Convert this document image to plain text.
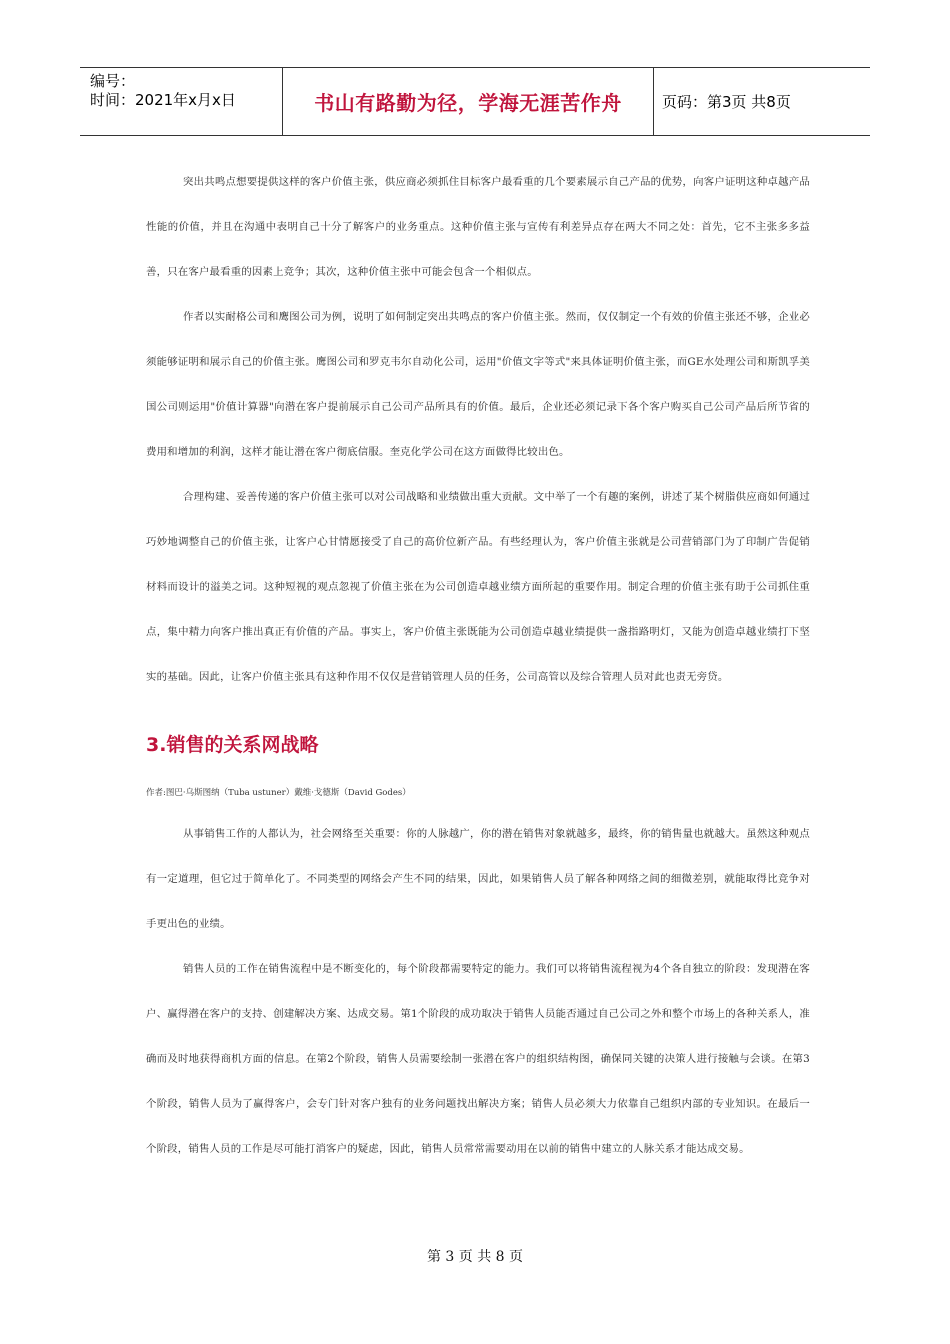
编号：
时间：2021年x月x日	书山有路勤为径，学海无涯苦作舟	页码：第3页 共8页

突出共鸣点想要提供这样的客户价值主张，供应商必须抓住目标客户最看重的几个要素展示自己产品的优势，向客户证明这种卓越产品性能的价值，并且在沟通中表明自己十分了解客户的业务重点。这种价值主张与宣传有利差异点存在两大不同之处：首先，它不主张多多益善，只在客户最看重的因素上竞争；其次，这种价值主张中可能会包含一个相似点。

作者以实耐格公司和鹰图公司为例，说明了如何制定突出共鸣点的客户价值主张。然而，仅仅制定一个有效的价值主张还不够，企业必须能够证明和展示自己的价值主张。鹰图公司和罗克韦尔自动化公司，运用"价值文字等式"来具体证明价值主张，而GE水处理公司和斯凯孚美国公司则运用"价值计算器"向潜在客户提前展示自己公司产品所具有的价值。最后，企业还必须记录下各个客户购买自己公司产品后所节省的费用和增加的利润，这样才能让潜在客户彻底信服。奎克化学公司在这方面做得比较出色。

合理构建、妥善传递的客户价值主张可以对公司战略和业绩做出重大贡献。文中举了一个有趣的案例，讲述了某个树脂供应商如何通过巧妙地调整自己的价值主张，让客户心甘情愿接受了自己的高价位新产品。有些经理认为，客户价值主张就是公司营销部门为了印制广告促销材料而设计的溢美之词。这种短视的观点忽视了价值主张在为公司创造卓越业绩方面所起的重要作用。制定合理的价值主张有助于公司抓住重点，集中精力向客户推出真正有价值的产品。事实上，客户价值主张既能为公司创造卓越业绩提供一盏指路明灯，又能为创造卓越业绩打下坚实的基础。因此，让客户价值主张具有这种作用不仅仅是营销管理人员的任务，公司高管以及综合管理人员对此也责无旁贷。

3.销售的关系网战略

作者:图巴·乌斯图纳（Tuba ustuner）戴维·戈德斯（David Godes）

从事销售工作的人都认为，社会网络至关重要：你的人脉越广，你的潜在销售对象就越多，最终，你的销售量也就越大。虽然这种观点有一定道理，但它过于简单化了。不同类型的网络会产生不同的结果，因此，如果销售人员了解各种网络之间的细微差别，就能取得比竞争对手更出色的业绩。

销售人员的工作在销售流程中是不断变化的，每个阶段都需要特定的能力。我们可以将销售流程视为4个各自独立的阶段：发现潜在客户、赢得潜在客户的支持、创建解决方案、达成交易。第1个阶段的成功取决于销售人员能否通过自己公司之外和整个市场上的各种关系人，准确而及时地获得商机方面的信息。在第2个阶段，销售人员需要绘制一张潜在客户的组织结构图，确保同关键的决策人进行接触与会谈。在第3个阶段，销售人员为了赢得客户，会专门针对客户独有的业务问题找出解决方案；销售人员必须大力依靠自己组织内部的专业知识。在最后一个阶段，销售人员的工作是尽可能打消客户的疑虑，因此，销售人员常常需要动用在以前的销售中建立的人脉关系才能达成交易。

第 3 页 共 8 页
